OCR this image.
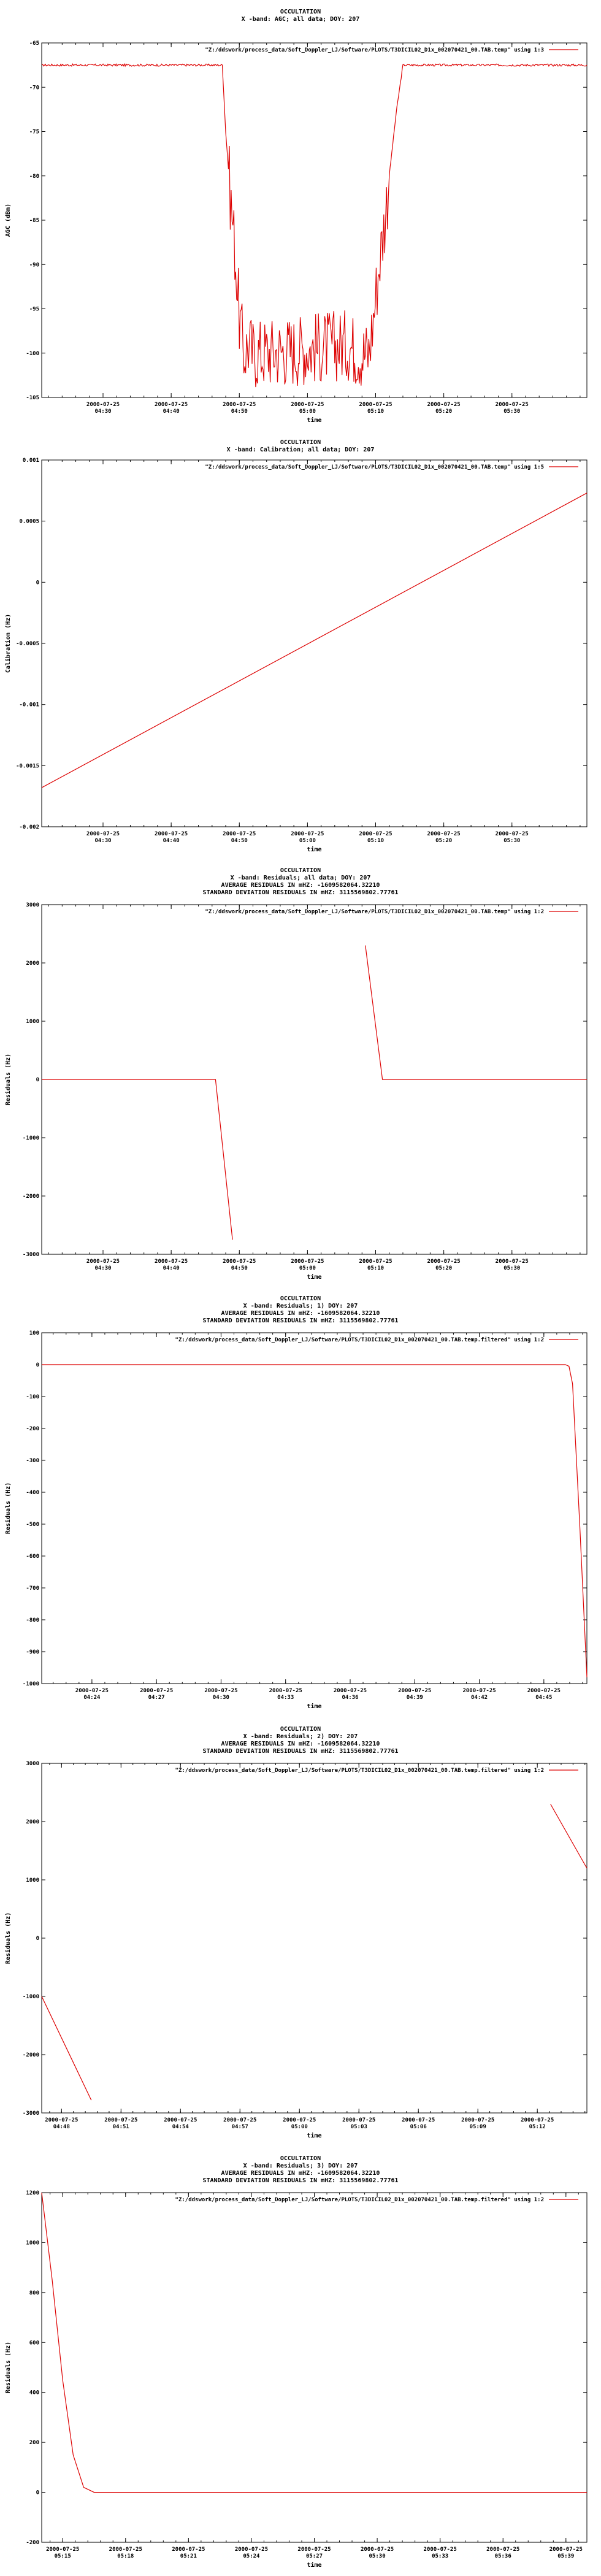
OCCULTATION
X -band: AGC; all data; DOY: 207
-65
-70
-75
-80
-85
-90
-95
-100
-105
2000-07-25
04:30
2000-07-25
04:40
2000-07-25
04:50
2000-07-25
05:00
2000-07-25
05:10
2000-07-25
05:20
2000-07-25
05:30
time
AGC (dBm)
"Z:/ddswork/process_data/Soft_Doppler_LJ/Software/PLOTS/T3DICIL02_D1x_002070421_00.TAB.temp" using 1:3
OCCULTATION
X -band: Calibration; all data; DOY: 207
0.001
0.0005
0
-0.0005
-0.001
-0.0015
-0.002
2000-07-25
04:30
2000-07-25
04:40
2000-07-25
04:50
2000-07-25
05:00
2000-07-25
05:10
2000-07-25
05:20
2000-07-25
05:30
time
Calibration (Hz)
"Z:/ddswork/process_data/Soft_Doppler_LJ/Software/PLOTS/T3DICIL02_D1x_002070421_00.TAB.temp" using 1:5
OCCULTATION
X -band: Residuals; all data; DOY: 207
AVERAGE RESIDUALS IN mHZ: -1609582064.32210
STANDARD DEVIATION RESIDUALS IN mHZ: 3115569802.77761
3000
2000
1000
0
-1000
-2000
-3000
2000-07-25
04:30
2000-07-25
04:40
2000-07-25
04:50
2000-07-25
05:00
2000-07-25
05:10
2000-07-25
05:20
2000-07-25
05:30
time
Residuals (Hz)
"Z:/ddswork/process_data/Soft_Doppler_LJ/Software/PLOTS/T3DICIL02_D1x_002070421_00.TAB.temp" using 1:2
OCCULTATION
X -band: Residuals; 1) DOY: 207
AVERAGE RESIDUALS IN mHZ: -1609582064.32210
STANDARD DEVIATION RESIDUALS IN mHZ: 3115569802.77761
100
0
-100
-200
-300
-400
-500
-600
-700
-800
-900
-1000
2000-07-25
04:24
2000-07-25
04:27
2000-07-25
04:30
2000-07-25
04:33
2000-07-25
04:36
2000-07-25
04:39
2000-07-25
04:42
2000-07-25
04:45
time
Residuals (Hz)
"Z:/ddswork/process_data/Soft_Doppler_LJ/Software/PLOTS/T3DICIL02_D1x_002070421_00.TAB.temp.filtered" using 1:2
OCCULTATION
X -band: Residuals; 2) DOY: 207
AVERAGE RESIDUALS IN mHZ: -1609582064.32210
STANDARD DEVIATION RESIDUALS IN mHZ: 3115569802.77761
3000
2000
1000
0
-1000
-2000
-3000
2000-07-25
04:48
2000-07-25
04:51
2000-07-25
04:54
2000-07-25
04:57
2000-07-25
05:00
2000-07-25
05:03
2000-07-25
05:06
2000-07-25
05:09
2000-07-25
05:12
time
Residuals (Hz)
"Z:/ddswork/process_data/Soft_Doppler_LJ/Software/PLOTS/T3DICIL02_D1x_002070421_00.TAB.temp.filtered" using 1:2
OCCULTATION
X -band: Residuals; 3) DOY: 207
AVERAGE RESIDUALS IN mHZ: -1609582064.32210
STANDARD DEVIATION RESIDUALS IN mHZ: 3115569802.77761
1200
1000
800
600
400
200
0
-200
2000-07-25
05:15
2000-07-25
05:18
2000-07-25
05:21
2000-07-25
05:24
2000-07-25
05:27
2000-07-25
05:30
2000-07-25
05:33
2000-07-25
05:36
2000-07-25
05:39
time
Residuals (Hz)
"Z:/ddswork/process_data/Soft_Doppler_LJ/Software/PLOTS/T3DICIL02_D1x_002070421_00.TAB.temp.filtered" using 1:2
